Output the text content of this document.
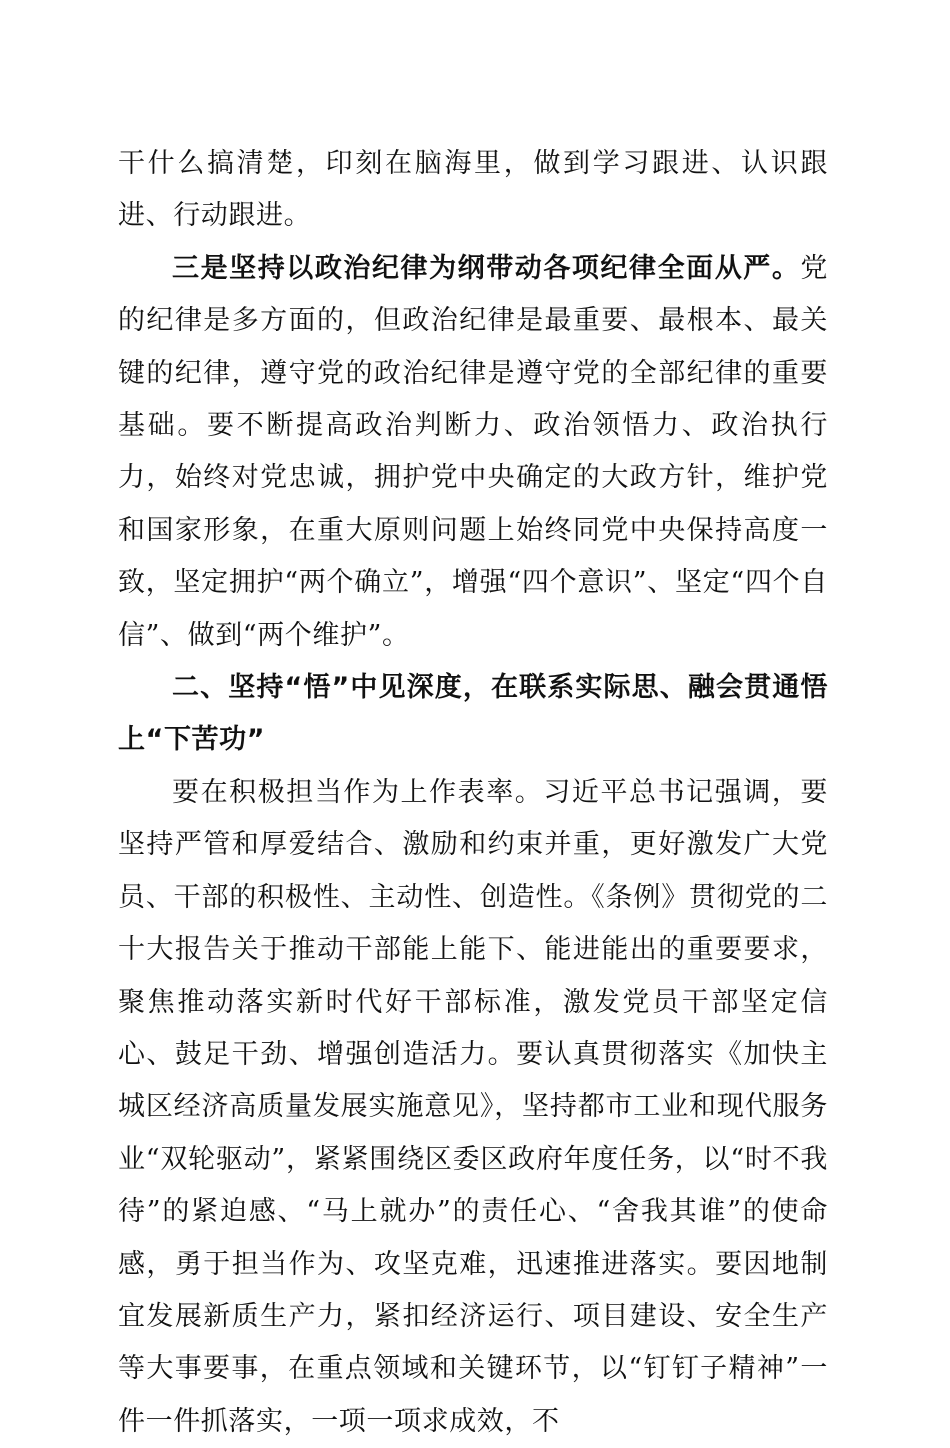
干什么搞清楚，印刻在脑海里，做到学习跟进、认识跟进、行动跟进。

三是坚持以政治纪律为纲带动各项纪律全面从严。党的纪律是多方面的，但政治纪律是最重要、最根本、最关键的纪律，遵守党的政治纪律是遵守党的全部纪律的重要基础。要不断提高政治判断力、政治领悟力、政治执行力，始终对党忠诚，拥护党中央确定的大政方针，维护党和国家形象，在重大原则问题上始终同党中央保持高度一致，坚定拥护“两个确立”，增强“四个意识”、坚定“四个自信”、做到“两个维护”。

二、坚持“悟”中见深度，在联系实际思、融会贯通悟上“下苦功”

要在积极担当作为上作表率。习近平总书记强调，要坚持严管和厚爱结合、激励和约束并重，更好激发广大党员、干部的积极性、主动性、创造性。《条例》贯彻党的二十大报告关于推动干部能上能下、能进能出的重要要求，聚焦推动落实新时代好干部标准，激发党员干部坚定信心、鼓足干劲、增强创造活力。要认真贯彻落实《加快主城区经济高质量发展实施意见》，坚持都市工业和现代服务业“双轮驱动”，紧紧围绕区委区政府年度任务，以“时不我待”的紧迫感、“马上就办”的责任心、“舍我其谁”的使命感，勇于担当作为、攻坚克难，迅速推进落实。要因地制宜发展新质生产力，紧扣经济运行、项目建设、安全生产等大事要事，在重点领域和关键环节，以“钉钉子精神”一件一件抓落实，一项一项求成效，不
